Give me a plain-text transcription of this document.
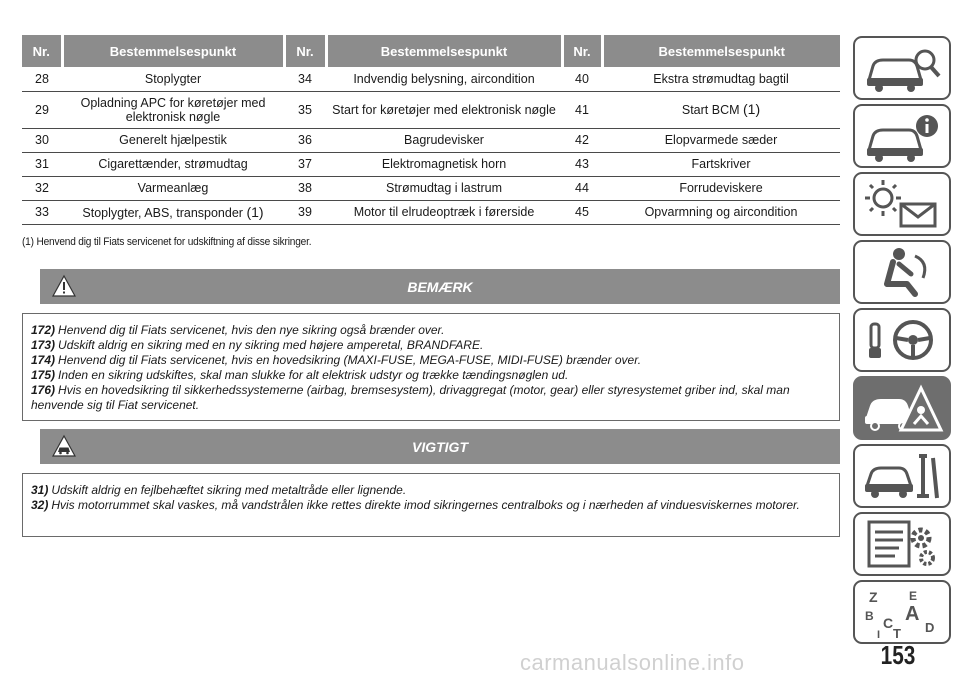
Nr.	Bestemmelsespunkt	Nr.	Bestemmelsespunkt	Nr.	Bestemmelsespunkt
28	Stoplygter	34	Indvendig belysning, aircondition	40	Ekstra strømudtag bagtil
29	Opladning APC for køretøjer med elektronisk nøgle	35	Start for køretøjer med elektronisk nøgle	41	Start BCM (1)
30	Generelt hjælpestik	36	Bagrudevisker	42	Elopvarmede sæder
31	Cigarettænder, strømudtag	37	Elektromagnetisk horn	43	Fartskriver
32	Varmeanlæg	38	Strømudtag i lastrum	44	Forrudeviskere
33	Stoplygter, ABS, transponder (1)	39	Motor til elrudeoptræk i førerside	45	Opvarmning og aircondition
(1) Henvend dig til Fiats servicenet for udskiftning af disse sikringer.
BEMÆRK

172) Henvend dig til Fiats servicenet, hvis den nye sikring også brænder over.

173) Udskift aldrig en sikring med en ny sikring med højere amperetal, BRANDFARE.

174) Henvend dig til Fiats servicenet, hvis en hovedsikring (MAXI-FUSE, MEGA-FUSE, MIDI-FUSE) brænder over.

175) Inden en sikring udskiftes, skal man slukke for alt elektrisk udstyr og trække tændingsnøglen ud.

176) Hvis en hovedsikring til sikkerhedssystemerne (airbag, bremsesystem), drivaggregat (motor, gear) eller styresystemet griber ind, skal man henvende sig til Fiat servicenet.

VIGTIGT

31) Udskift aldrig en fejlbehæftet sikring med metaltråde eller lignende.

32) Hvis motorrummet skal vaskes, må vandstrålen ikke rettes direkte imod sikringernes centralboks og i nærheden af vinduesviskernes motorer.

Z	E
B A
C D
T
I
153
carmanualsonline.info
